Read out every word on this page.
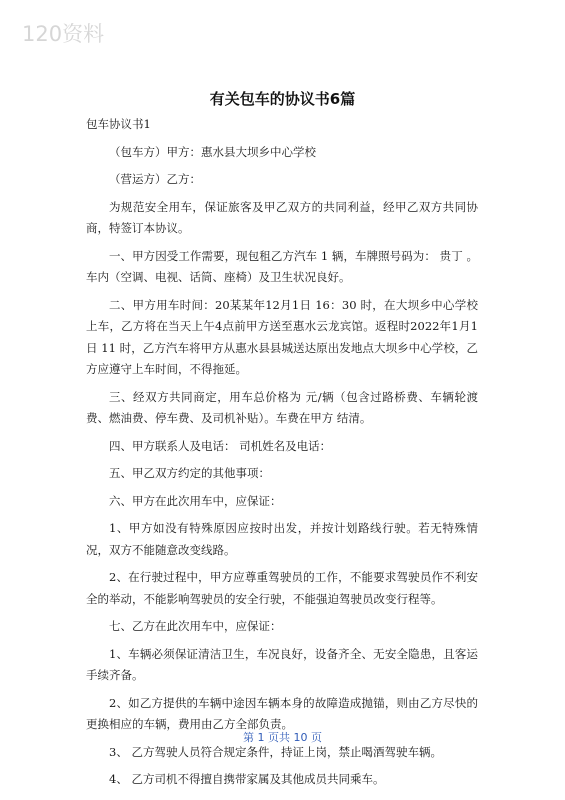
120资料
有关包车的协议书6篇

包车协议书1

（包车方）甲方：惠水县大坝乡中心学校

（营运方）乙方：

为规范安全用车，保证旅客及甲乙双方的共同利益，经甲乙双方共同协商，特签订本协议。

一、甲方因受工作需要，现包租乙方汽车 1 辆，车牌照号码为： 贵丁 。车内（空调、电视、话筒、座椅）及卫生状况良好。

二、甲方用车时间：20某某年12月1日 16：30 时，在大坝乡中心学校上车，乙方将在当天上午4点前甲方送至惠水云龙宾馆。返程时2022年1月1日 11 时，乙方汽车将甲方从惠水县县城送达原出发地点大坝乡中心学校，乙方应遵守上车时间，不得拖延。

三、经双方共同商定，用车总价格为 元/辆（包含过路桥费、车辆轮渡费、燃油费、停车费、及司机补贴）。车费在甲方 结清。

四、甲方联系人及电话： 司机姓名及电话：

五、甲乙双方约定的其他事项：

六、甲方在此次用车中，应保证：

1、甲方如没有特殊原因应按时出发，并按计划路线行驶。若无特殊情况，双方不能随意改变线路。

2、在行驶过程中，甲方应尊重驾驶员的工作，不能要求驾驶员作不利安全的举动，不能影响驾驶员的安全行驶，不能强迫驾驶员改变行程等。

七、乙方在此次用车中，应保证：

1、车辆必须保证清洁卫生，车况良好，设备齐全、无安全隐患，且客运手续齐备。

2、如乙方提供的车辆中途因车辆本身的故障造成抛锚，则由乙方尽快的更换相应的车辆，费用由乙方全部负责。

3、 乙方驾驶人员符合规定条件，持证上岗，禁止喝酒驾驶车辆。

4、 乙方司机不得擅自携带家属及其他成员共同乘车。

第 1 页共 10 页
